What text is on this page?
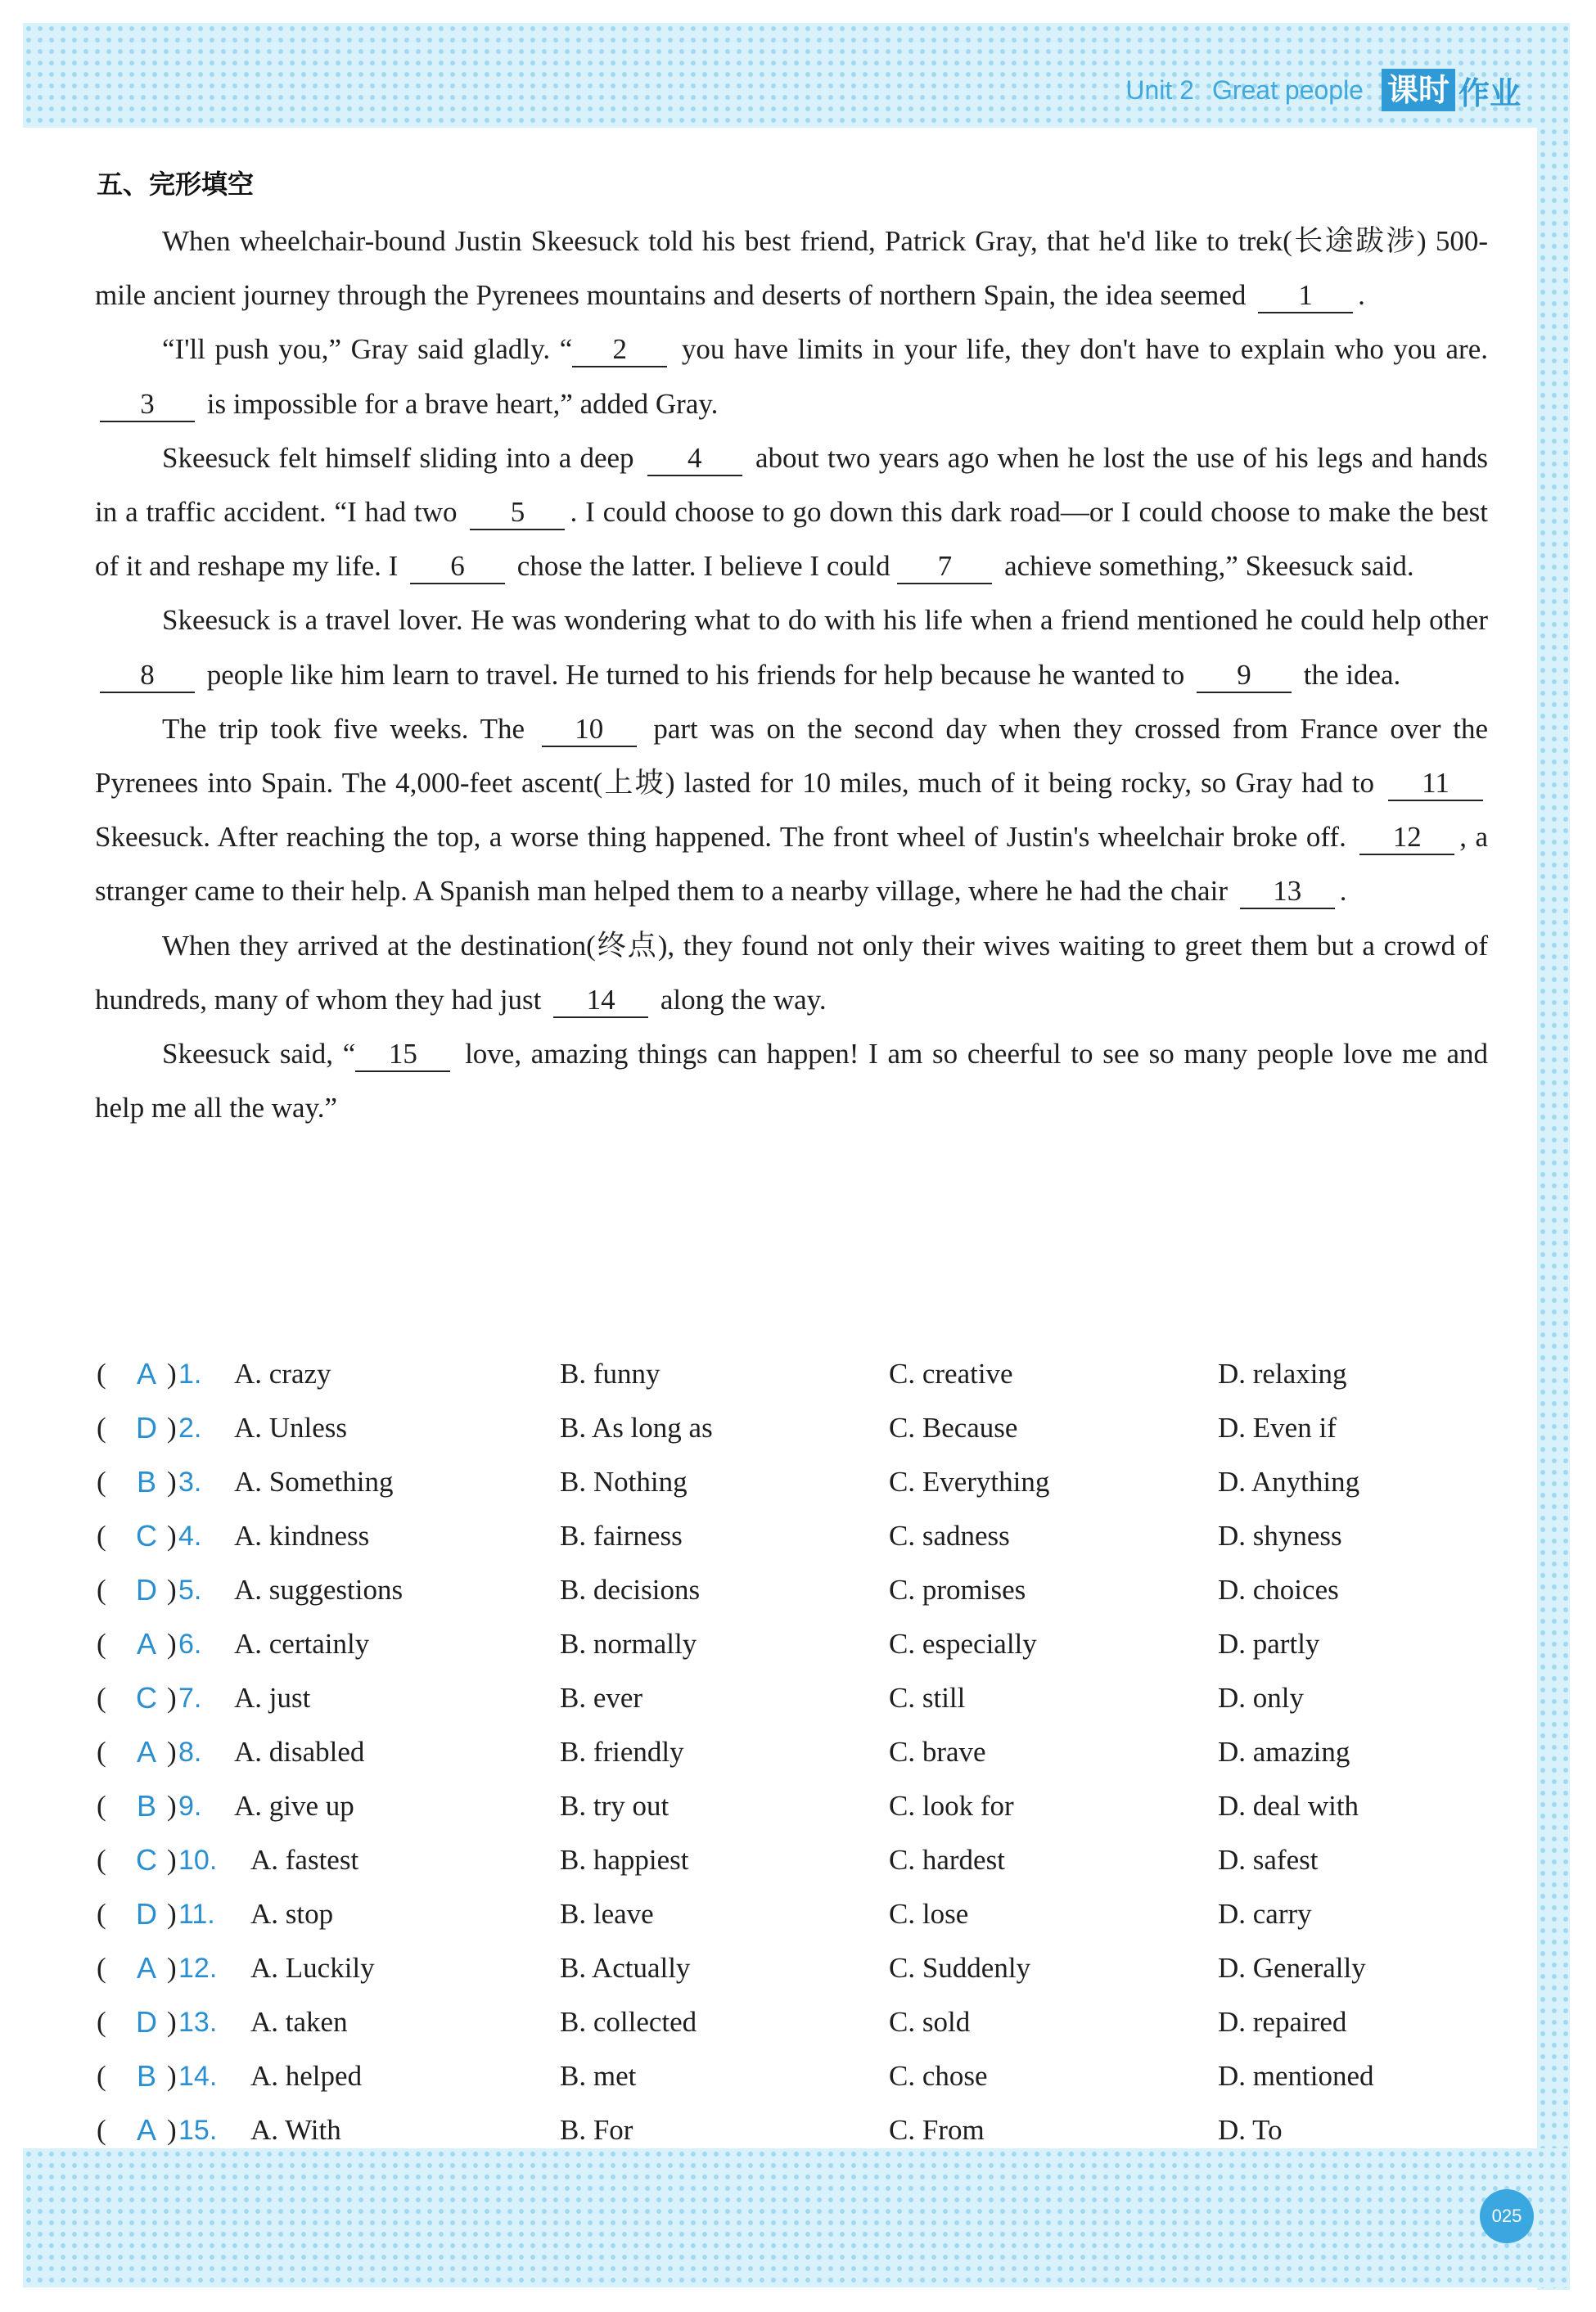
Unit 2 Great people 课时 作业
五、完形填空

When wheelchair-bound Justin Skeesuck told his best friend, Patrick Gray, that he'd like to trek(长途跋涉) 500-mile ancient journey through the Pyrenees mountains and deserts of northern Spain, the idea seemed 1 .

“I'll push you,” Gray said gladly. “ 2 you have limits in your life, they don't have to explain who you are. 3 is impossible for a brave heart,” added Gray.

Skeesuck felt himself sliding into a deep 4 about two years ago when he lost the use of his legs and hands in a traffic accident. “I had two 5 . I could choose to go down this dark road—or I could choose to make the best of it and reshape my life. I 6 chose the latter. I believe I could 7 achieve something,” Skeesuck said.

Skeesuck is a travel lover. He was wondering what to do with his life when a friend mentioned he could help other 8 people like him learn to travel. He turned to his friends for help because he wanted to 9 the idea.

The trip took five weeks. The 10 part was on the second day when they crossed from France over the Pyrenees into Spain. The 4,000-feet ascent(上坡) lasted for 10 miles, much of it being rocky, so Gray had to 11 Skeesuck. After reaching the top, a worse thing happened. The front wheel of Justin's wheelchair broke off. 12 , a stranger came to their help. A Spanish man helped them to a nearby village, where he had the chair 13 .

When they arrived at the destination(终点), they found not only their wives waiting to greet them but a crowd of hundreds, many of whom they had just 14 along the way.

Skeesuck said, “ 15 love, amazing things can happen! I am so cheerful to see so many people love me and help me all the way.”

(	A ) 1. A. crazy	B. funny	C. creative	D. relaxing
(	D ) 2. A. Unless	B. As long as	C. Because	D. Even if
(	B ) 3. A. Something	B. Nothing	C. Everything	D. Anything
(	C ) 4. A. kindness	B. fairness	C. sadness	D. shyness
(	D ) 5. A. suggestions	B. decisions	C. promises	D. choices
(	A ) 6. A. certainly	B. normally	C. especially	D. partly
(	C ) 7. A. just	B. ever	C. still	D. only
(	A ) 8. A. disabled	B. friendly	C. brave	D. amazing
(	B ) 9. A. give up	B. try out	C. look for	D. deal with
(	C ) 10. A. fastest	B. happiest	C. hardest	D. safest
(	D ) 11. A. stop	B. leave	C. lose	D. carry
(	A ) 12. A. Luckily	B. Actually	C. Suddenly	D. Generally
(	D ) 13. A. taken	B. collected	C. sold	D. repaired
(	B ) 14. A. helped	B. met	C. chose	D. mentioned
(	A ) 15. A. With	B. For	C. From	D. To
025
